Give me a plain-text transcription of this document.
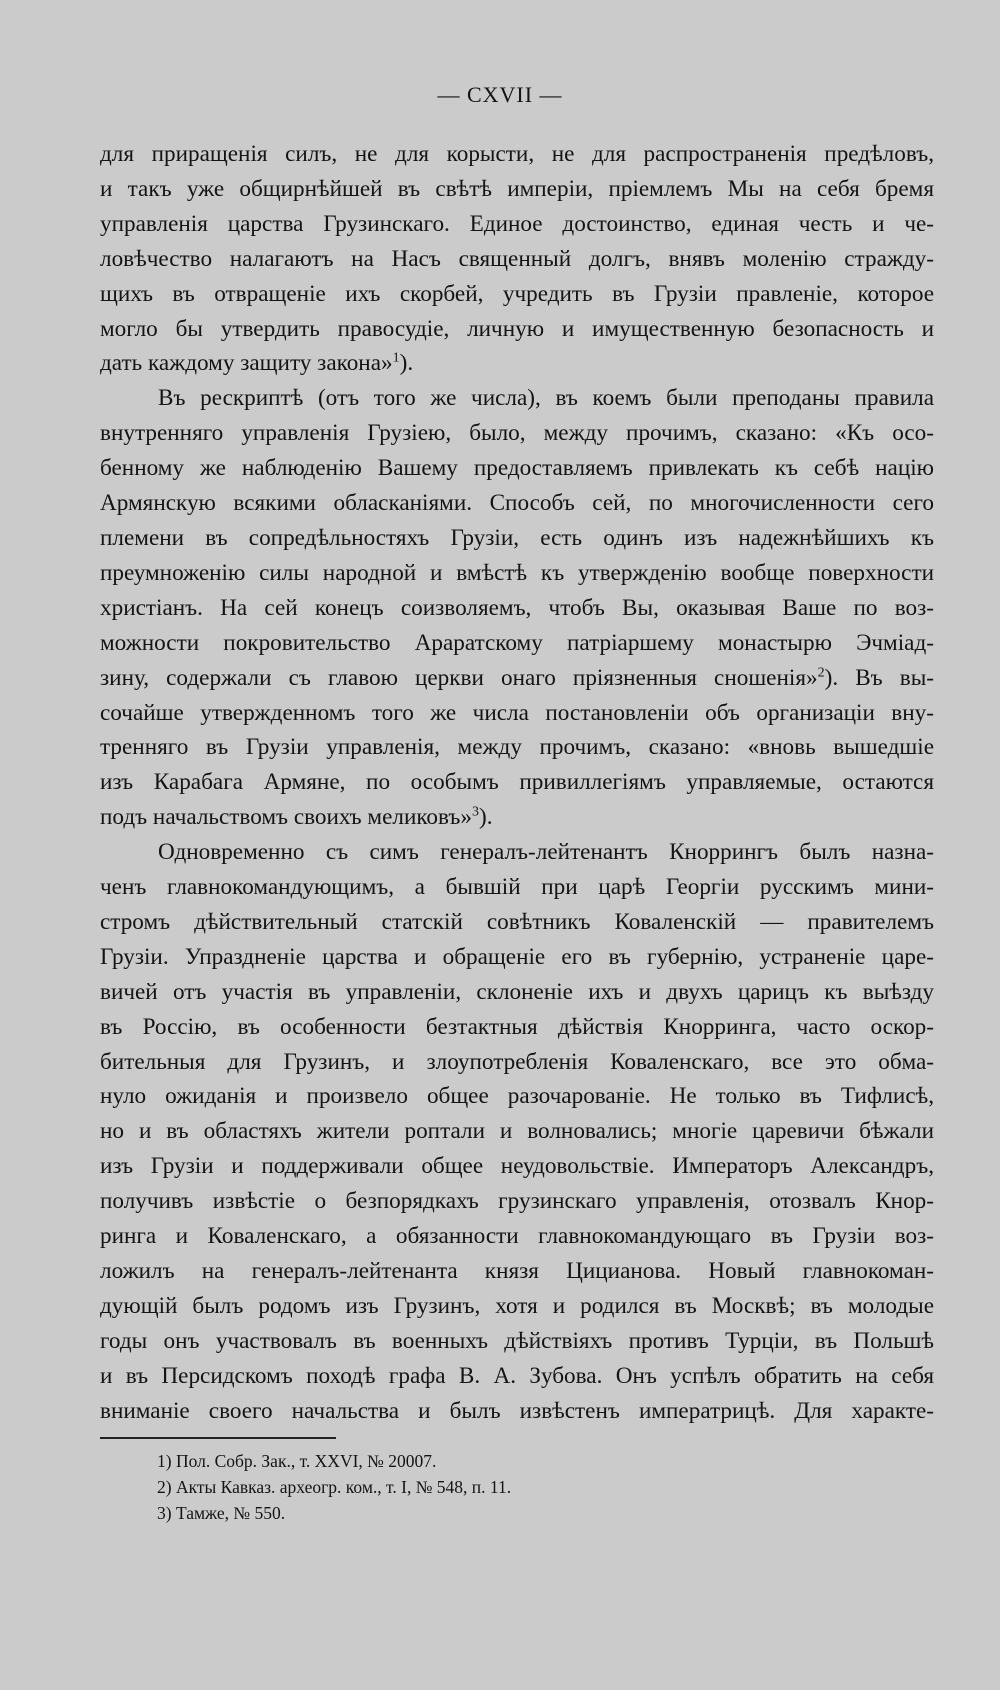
— CXVII —

для приращенія силъ, не для корысти, не для распространенія предѣловъ,
и такъ уже общирнѣйшей въ свѣтѣ имперіи, пріемлемъ Мы на себя бремя
управленія царства Грузинскаго. Единое достоинство, единая честь и че-
ловѣчество налагаютъ на Насъ священный долгъ, внявъ моленію стражду-
щихъ въ отвращеніе ихъ скорбей, учредить въ Грузіи правленіе, которое
могло бы утвердить правосудіе, личную и имущественную безопасность и
дать каждому защиту закона»$^1$).

Въ рескриптѣ (отъ того же числа), въ коемъ были преподаны правила
внутренняго управленія Грузіею, было, между прочимъ, сказано: «Къ осо-
бенному же наблюденію Вашему предоставляемъ привлекать къ себѣ націю
Армянскую всякими обласканіями. Способъ сей, по многочисленности сего
племени въ сопредѣльностяхъ Грузіи, есть одинъ изъ надежнѣйшихъ къ
преумноженію силы народной и вмѣстѣ къ утвержденію вообще поверхности
христіанъ. На сей конецъ соизволяемъ, чтобъ Вы, оказывая Ваше по воз-
можности покровительство Араратскому патріаршему монастырю Эчміад-
зину, содержали съ главою церкви онаго пріязненныя сношенія»$^2$). Въ вы-
сочайше утвержденномъ того же числа постановленіи объ организаціи вну-
тренняго въ Грузіи управленія, между прочимъ, сказано: «вновь вышедшіе
изъ Карабага Армяне, по особымъ привиллегіямъ управляемые, остаются
подъ начальствомъ своихъ меликовъ»$^3$).

Одновременно съ симъ генералъ-лейтенантъ Кноррингъ былъ назна-
ченъ главнокомандующимъ, а бывшій при царѣ Георгіи русскимъ мини-
стромъ дѣйствительный статскій совѣтникъ Коваленскій — правителемъ
Грузіи. Упраздненіе царства и обращеніе его въ губернію, устраненіе царе-
вичей отъ участія въ управленіи, склоненіе ихъ и двухъ царицъ къ выѣзду
въ Россію, въ особенности безтактныя дѣйствія Кнорринга, часто оскор-
бительныя для Грузинъ, и злоупотребленія Коваленскаго, все это обма-
нуло ожиданія и произвело общее разочарованіе. Не только въ Тифлисѣ,
но и въ областяхъ жители роптали и волновались; многіе царевичи бѣжали
изъ Грузіи и поддерживали общее неудовольствіе. Императоръ Александръ,
получивъ извѣстіе о безпорядкахъ грузинскаго управленія, отозвалъ Кнор-
ринга и Коваленскаго, а обязанности главнокомандующаго въ Грузіи воз-
ложилъ на генералъ-лейтенанта князя Цицианова. Новый главнокоман-
дующій былъ родомъ изъ Грузинъ, хотя и родился въ Москвѣ; въ молодые
годы онъ участвовалъ въ военныхъ дѣйствіяхъ противъ Турціи, въ Польшѣ
и въ Персидскомъ походѣ графа В. А. Зубова. Онъ успѣлъ обратить на себя
вниманіе своего начальства и былъ извѣстенъ императрицѣ. Для характе-

1) Пол. Собр. Зак., т. XXVI, № 20007.
2) Акты Кавказ. археогр. ком., т. I, № 548, п. 11.
3) Тамже, № 550.
